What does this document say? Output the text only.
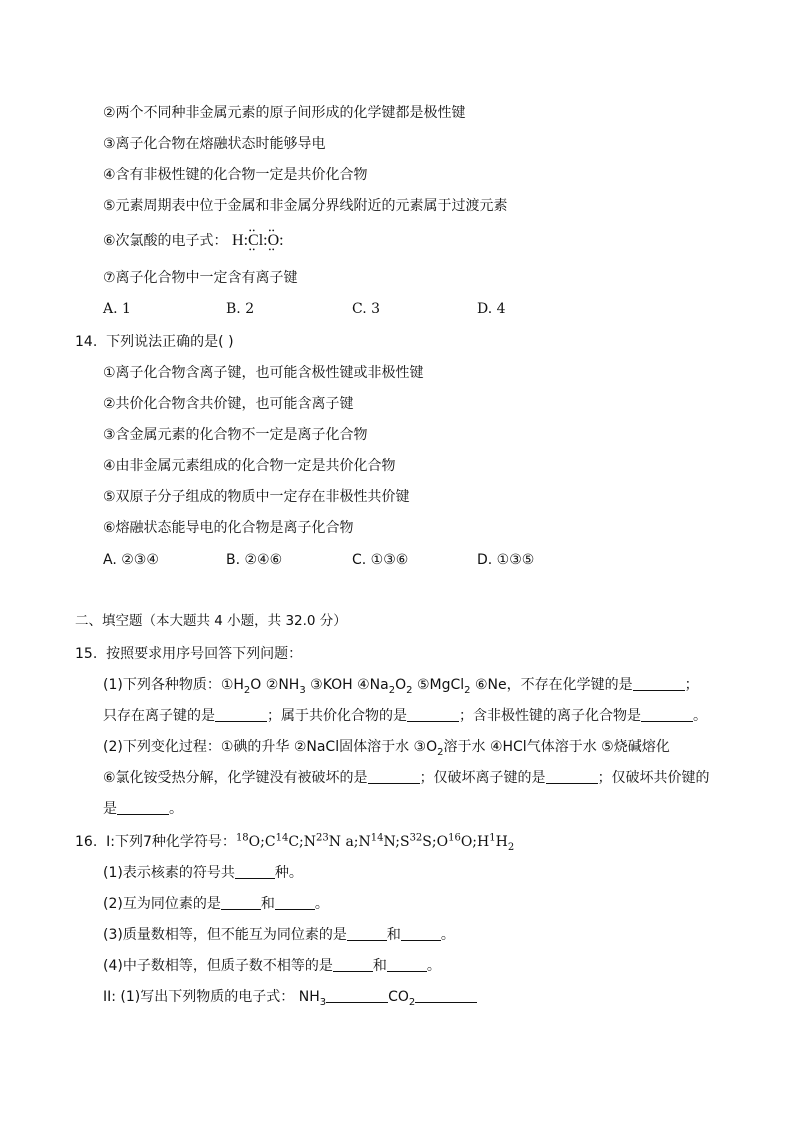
②两个不同种非金属元素的原子间形成的化学键都是极性键
③离子化合物在熔融状态时能够导电
④含有非极性键的化合物一定是共价化合物
⑤元素周期表中位于金属和非金属分界线附近的元素属于过渡元素
⑥次氯酸的电子式： H:•• Cl ••:•• O ••:
⑦离子化合物中一定含有离子键
A. 1	B. 2	C. 3	D. 4
14. 下列说法正确的是( )
①离子化合物含离子键，也可能含极性键或非极性键
②共价化合物含共价键，也可能含离子键
③含金属元素的化合物不一定是离子化合物
④由非金属元素组成的化合物一定是共价化合物
⑤双原子分子组成的物质中一定存在非极性共价键
⑥熔融状态能导电的化合物是离子化合物
A. ②③④	B. ②④⑥	C. ①③⑥	D. ①③⑤
二、填空题（本大题共 4 小题，共 32.0 分）
15. 按照要求用序号回答下列问题：
(1)下列各种物质：$①H_2O$ $②NH_3$ ③KOH $④Na_2O_2$ ⑤MgCl$_2$ ⑥Ne，不存在化学键的是	；
只存在离子键的是	；属于共价化合物的是	；含非极性键的离子化合物是	。
(2)下列变化过程：①碘的升华 ②NaCl固体溶于水 $③O_2$溶于水 ④HCl气体溶于水 ⑤烧碱熔化
⑥氯化铵受热分解，化学键没有被破坏的是	；仅破坏离子键的是	；仅破坏共价键的
是	。
16. I:下列7种化学符号：$^{18}O;C^{14}C;N^{23}N$ $a;N^{14}N;S^{32}S;O^{16}O;H^1H_2$
(1)表示核素的符号共	种。
(2)互为同位素的是	和	。
(3)质量数相等，但不能互为同位素的是	和	。
(4)中子数相等，但质子数不相等的是	和	。
II: (1)写出下列物质的电子式： $NH_3$	$CO_2$
